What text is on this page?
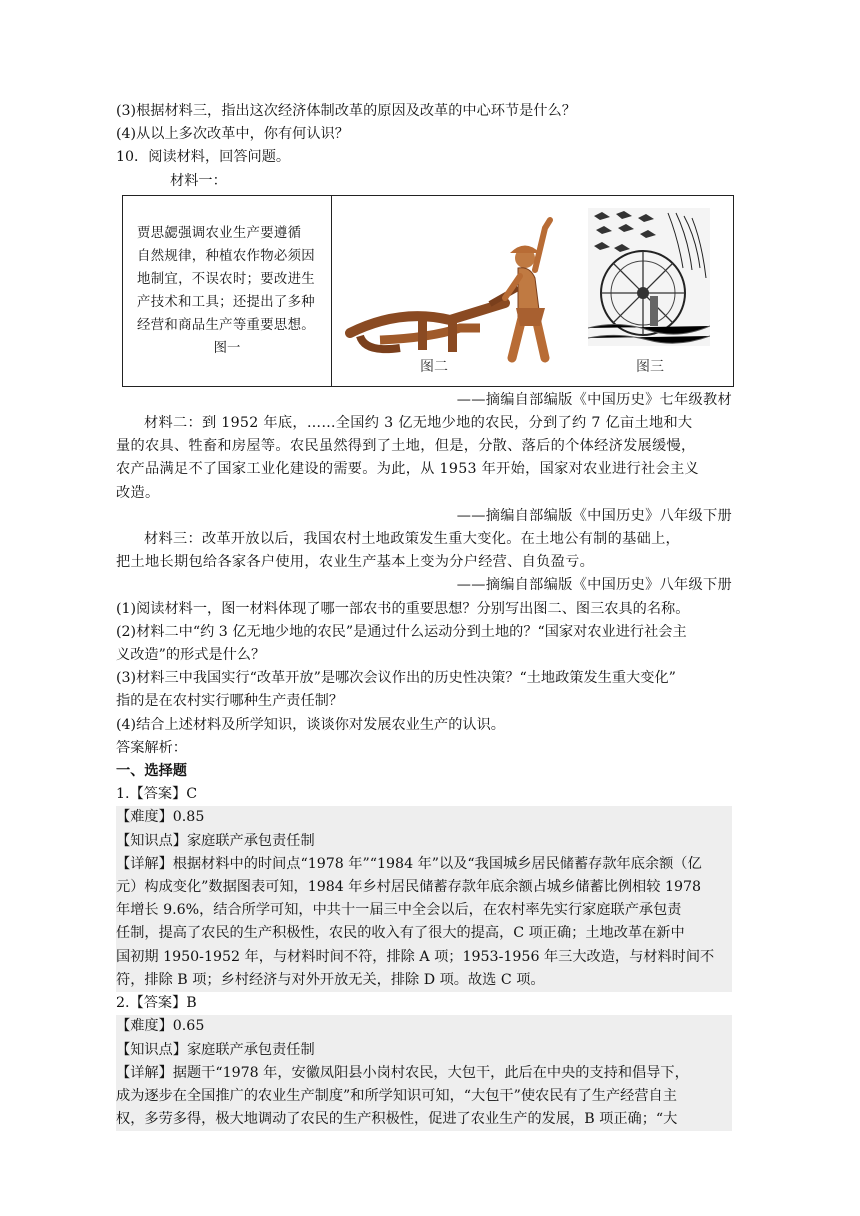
(3)根据材料三，指出这次经济体制改革的原因及改革的中心环节是什么？
(4)从以上多次改革中，你有何认识？
10．阅读材料，回答问题。
材料一：
贾思勰强调农业生产要遵循
自然规律，种植农作物必须因
地制宜，不误农时；要改进生
产技术和工具；还提出了多种
经营和商品生产等重要思想。
图一

图二	图三
——摘编自部编版《中国历史》七年级教材
材料二：到 1952 年底，……全国约 3 亿无地少地的农民，分到了约 7 亿亩土地和大
量的农具、牲畜和房屋等。农民虽然得到了土地，但是，分散、落后的个体经济发展缓慢，
农产品满足不了国家工业化建设的需要。为此，从 1953 年开始，国家对农业进行社会主义
改造。
——摘编自部编版《中国历史》八年级下册
材料三：改革开放以后，我国农村土地政策发生重大变化。在土地公有制的基础上，
把土地长期包给各家各户使用，农业生产基本上变为分户经营、自负盈亏。
——摘编自部编版《中国历史》八年级下册
(1)阅读材料一，图一材料体现了哪一部农书的重要思想？分别写出图二、图三农具的名称。
(2)材料二中“约 3 亿无地少地的农民”是通过什么运动分到土地的？“国家对农业进行社会主
义改造”的形式是什么？
(3)材料三中我国实行“改革开放”是哪次会议作出的历史性决策？“土地政策发生重大变化”
指的是在农村实行哪种生产责任制？
(4)结合上述材料及所学知识，谈谈你对发展农业生产的认识。
答案解析：
一、选择题
1.【答案】C
【难度】0.85
【知识点】家庭联产承包责任制
【详解】根据材料中的时间点“1978 年”“1984 年”以及“我国城乡居民储蓄存款年底余额（亿
元）构成变化”数据图表可知，1984 年乡村居民储蓄存款年底余额占城乡储蓄比例相较 1978
年增长 9.6%，结合所学可知，中共十一届三中全会以后，在农村率先实行家庭联产承包责
任制，提高了农民的生产积极性，农民的收入有了很大的提高，C 项正确；土地改革在新中
国初期 1950-1952 年，与材料时间不符，排除 A 项；1953-1956 年三大改造，与材料时间不
符，排除 B 项；乡村经济与对外开放无关，排除 D 项。故选 C 项。
2.【答案】B
【难度】0.65
【知识点】家庭联产承包责任制
【详解】据题干“1978 年，安徽凤阳县小岗村农民，大包干，此后在中央的支持和倡导下，
成为逐步在全国推广的农业生产制度”和所学知识可知，“大包干”使农民有了生产经营自主
权，多劳多得，极大地调动了农民的生产积极性，促进了农业生产的发展，B 项正确；“大
